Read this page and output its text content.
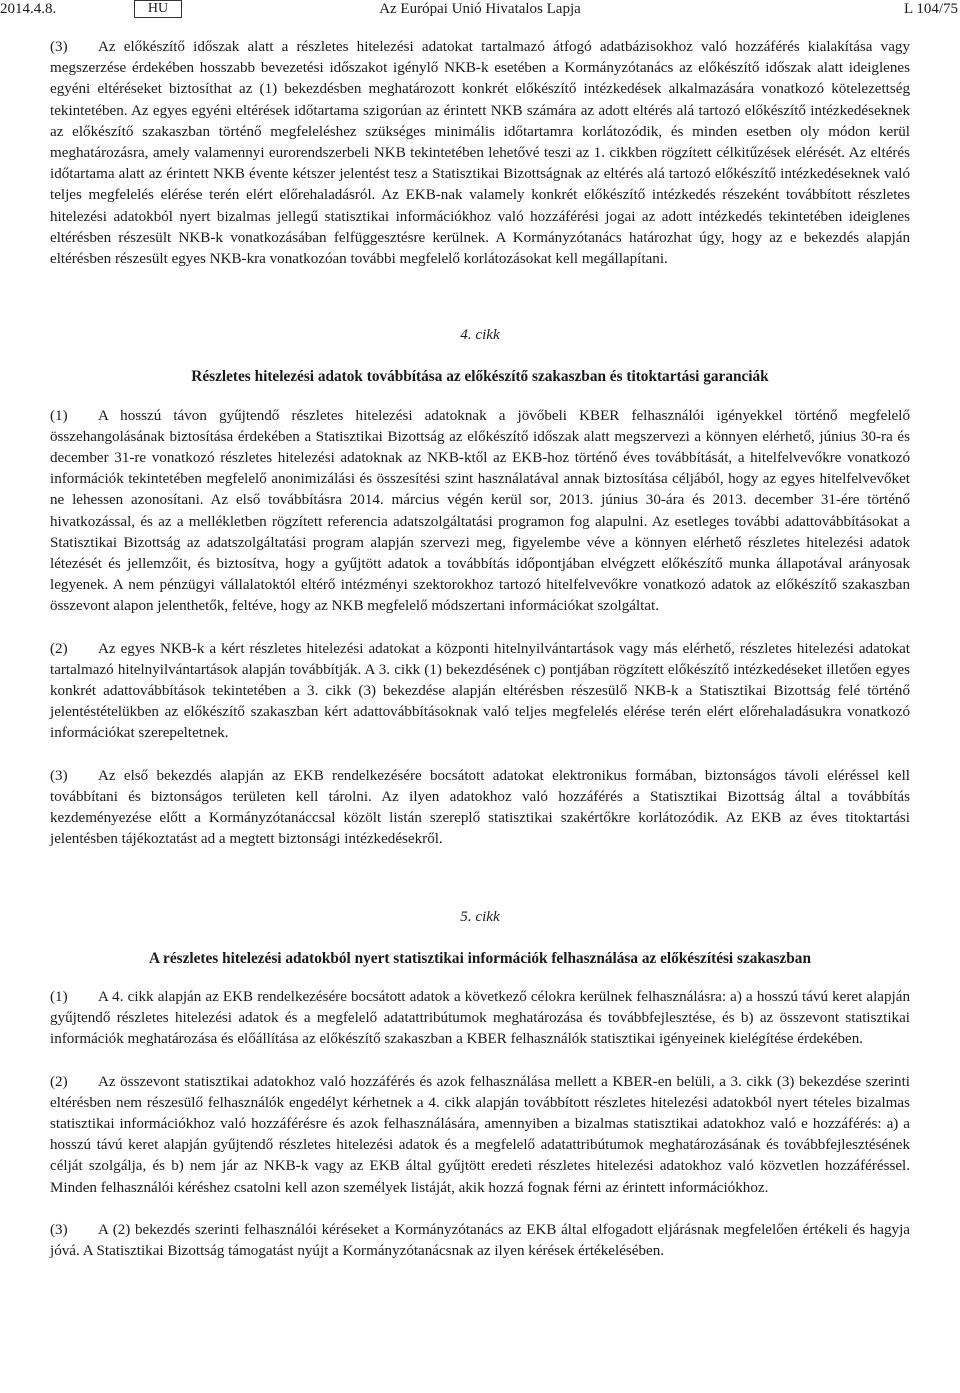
2014.4.8.	HU	Az Európai Unió Hivatalos Lapja	L 104/75

(3) Az előkészítő időszak alatt a részletes hitelezési adatokat tartalmazó átfogó adatbázisokhoz való hozzáférés kialakítása vagy megszerzése érdekében hosszabb bevezetési időszakot igénylő NKB-k esetében a Kormányzótanács az előkészítő időszak alatt ideiglenes egyéni eltéréseket biztosíthat az (1) bekezdésben meghatározott konkrét előkészítő intézkedések alkalmazására vonatkozó kötelezettség tekintetében. Az egyes egyéni eltérések időtartama szigorúan az érintett NKB számára az adott eltérés alá tartozó előkészítő intézkedéseknek az előkészítő szakaszban történő megfeleléshez szükséges minimális időtartamra korlátozódik, és minden esetben oly módon kerül meghatározásra, amely valamennyi eurorendszerbeli NKB tekintetében lehetővé teszi az 1. cikkben rögzített célkitűzések elérését. Az eltérés időtartama alatt az érintett NKB évente kétszer jelentést tesz a Statisztikai Bizottságnak az eltérés alá tartozó előkészítő intézkedéseknek való teljes megfelelés elérése terén elért előrehaladásról. Az EKB-nak valamely konkrét előkészítő intézkedés részeként továbbított részletes hitelezési adatokból nyert bizalmas jellegű statisztikai információkhoz való hozzáférési jogai az adott intézkedés tekintetében ideiglenes eltérésben részesült NKB-k vonatkozásában felfüggesztésre kerülnek. A Kormányzótanács határozhat úgy, hogy az e bekezdés alapján eltérésben részesült egyes NKB-kra vonatkozóan további megfelelő korlátozásokat kell megállapítani.

4. cikk

Részletes hitelezési adatok továbbítása az előkészítő szakaszban és titoktartási garanciák

(1) A hosszú távon gyűjtendő részletes hitelezési adatoknak a jövőbeli KBER felhasználói igényekkel történő megfelelő összehangolásának biztosítása érdekében a Statisztikai Bizottság az előkészítő időszak alatt megszervezi a könnyen elérhető, június 30-ra és december 31-re vonatkozó részletes hitelezési adatoknak az NKB-ktől az EKB-hoz történő éves továbbítását, a hitelfelvevőkre vonatkozó információk tekintetében megfelelő anonimizálási és összesítési szint használatával annak biztosítása céljából, hogy az egyes hitelfelvevőket ne lehessen azonosítani. Az első továbbításra 2014. március végén kerül sor, 2013. június 30-ára és 2013. december 31-ére történő hivatkozással, és az a mellékletben rögzített referencia adatszolgáltatási programon fog alapulni. Az esetleges további adattovábbításokat a Statisztikai Bizottság az adatszolgáltatási program alapján szervezi meg, figyelembe véve a könnyen elérhető részletes hitelezési adatok létezését és jellemzőit, és biztosítva, hogy a gyűjtött adatok a továbbítás időpontjában elvégzett előkészítő munka állapotával arányosak legyenek. A nem pénzügyi vállalatoktól eltérő intézményi szektorokhoz tartozó hitelfelvevőkre vonatkozó adatok az előkészítő szakaszban összevont alapon jelenthetők, feltéve, hogy az NKB megfelelő módszertani információkat szolgáltat.

(2) Az egyes NKB-k a kért részletes hitelezési adatokat a központi hitelnyilvántartások vagy más elérhető, részletes hitelezési adatokat tartalmazó hitelnyilvántartások alapján továbbítják. A 3. cikk (1) bekezdésének c) pontjában rögzített előkészítő intézkedéseket illetően egyes konkrét adattovábbítások tekintetében a 3. cikk (3) bekezdése alapján eltérésben részesülő NKB-k a Statisztikai Bizottság felé történő jelentéstételükben az előkészítő szakaszban kért adattovábbításoknak való teljes megfelelés elérése terén elért előrehaladásukra vonatkozó információkat szerepeltetnek.

(3) Az első bekezdés alapján az EKB rendelkezésére bocsátott adatokat elektronikus formában, biztonságos távoli eléréssel kell továbbítani és biztonságos területen kell tárolni. Az ilyen adatokhoz való hozzáférés a Statisztikai Bizottság által a továbbítás kezdeményezése előtt a Kormányzótanáccsal közölt listán szereplő statisztikai szakértőkre korlátozódik. Az EKB az éves titoktartási jelentésben tájékoztatást ad a megtett biztonsági intézkedésekről.

5. cikk

A részletes hitelezési adatokból nyert statisztikai információk felhasználása az előkészítési szakaszban

(1) A 4. cikk alapján az EKB rendelkezésére bocsátott adatok a következő célokra kerülnek felhasználásra: a) a hosszú távú keret alapján gyűjtendő részletes hitelezési adatok és a megfelelő adatattribútumok meghatározása és továbbfejlesztése, és b) az összevont statisztikai információk meghatározása és előállítása az előkészítő szakaszban a KBER felhasználók statisztikai igényeinek kielégítése érdekében.

(2) Az összevont statisztikai adatokhoz való hozzáférés és azok felhasználása mellett a KBER-en belüli, a 3. cikk (3) bekezdése szerinti eltérésben nem részesülő felhasználók engedélyt kérhetnek a 4. cikk alapján továbbított részletes hitelezési adatokból nyert tételes bizalmas statisztikai információkhoz való hozzáférésre és azok felhasználására, amennyiben a bizalmas statisztikai adatokhoz való e hozzáférés: a) a hosszú távú keret alapján gyűjtendő részletes hitelezési adatok és a megfelelő adatattribútumok meghatározásának és továbbfejlesztésének célját szolgálja, és b) nem jár az NKB-k vagy az EKB által gyűjtött eredeti részletes hitelezési adatokhoz való közvetlen hozzáféréssel. Minden felhasználói kéréshez csatolni kell azon személyek listáját, akik hozzá fognak férni az érintett információkhoz.

(3) A (2) bekezdés szerinti felhasználói kéréseket a Kormányzótanács az EKB által elfogadott eljárásnak megfelelően értékeli és hagyja jóvá. A Statisztikai Bizottság támogatást nyújt a Kormányzótanácsnak az ilyen kérések értékelésében.
